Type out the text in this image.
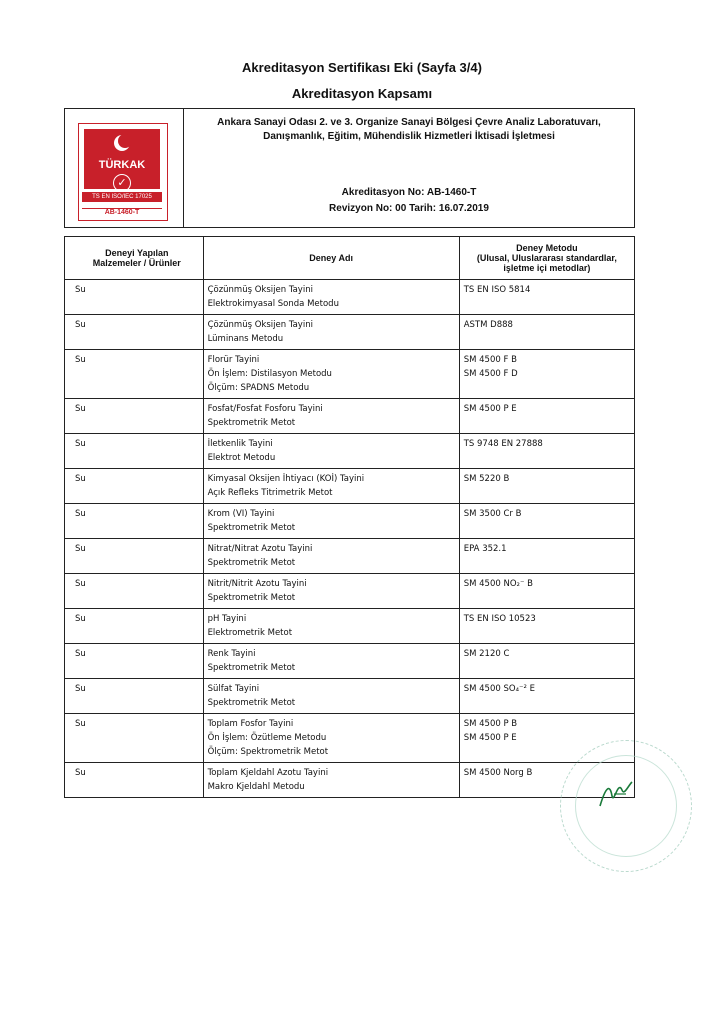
Akreditasyon Sertifikası Eki (Sayfa 3/4)
Akreditasyon Kapsamı
TÜRKAK
✓
TS EN ISO/IEC 17025
AB-1460-T
Ankara Sanayi Odası 2. ve 3. Organize Sanayi Bölgesi Çevre Analiz Laboratuvarı,
Danışmanlık, Eğitim, Mühendislik Hizmetleri İktisadi İşletmesi
Akreditasyon No: AB-1460-T
Revizyon No: 00 Tarih: 16.07.2019
Deneyi Yapılan
Malzemeler / Ürünler	Deney Adı	Deney Metodu
(Ulusal, Uluslararası standardlar,
işletme içi metodlar)

Su	Çözünmüş Oksijen Tayini
Elektrokimyasal Sonda Metodu	TS EN ISO 5814

Su	Çözünmüş Oksijen Tayini
Lüminans Metodu	ASTM D888

Su	Florür Tayini
Ön İşlem: Distilasyon Metodu
Ölçüm: SPADNS Metodu	SM 4500 F B
SM 4500 F D

Su	Fosfat/Fosfat Fosforu Tayini
Spektrometrik Metot	SM 4500 P E

Su	İletkenlik Tayini
Elektrot Metodu	TS 9748 EN 27888

Su	Kimyasal Oksijen İhtiyacı (KOİ) Tayini
Açık Refleks Titrimetrik Metot	SM 5220 B

Su	Krom (VI) Tayini
Spektrometrik Metot	SM 3500 Cr B

Su	Nitrat/Nitrat Azotu Tayini
Spektrometrik Metot	EPA 352.1

Su	Nitrit/Nitrit Azotu Tayini
Spektrometrik Metot	SM 4500 NO₂⁻ B

Su	pH Tayini
Elektrometrik Metot	TS EN ISO 10523

Su	Renk Tayini
Spektrometrik Metot	SM 2120 C

Su	Sülfat Tayini
Spektrometrik Metot	SM 4500 SO₄⁻² E

Su	Toplam Fosfor Tayini
Ön İşlem: Özütleme Metodu
Ölçüm: Spektrometrik Metot	SM 4500 P B
SM 4500 P E

Su	Toplam Kjeldahl Azotu Tayini
Makro Kjeldahl Metodu	SM 4500 Norg B
